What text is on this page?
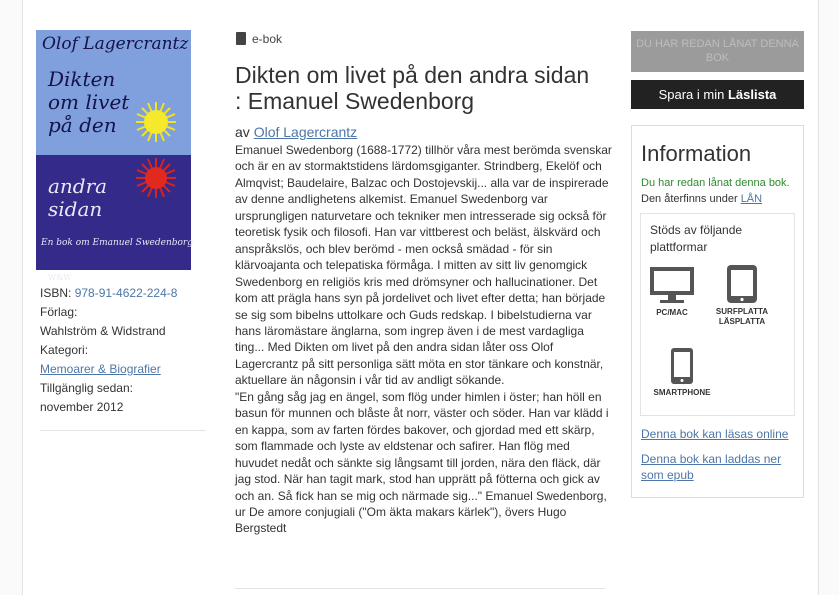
Olof Lagercrantz
Dikten
om livet
på den
andra
sidan
En bok om Emanuel Swedenborg
W&W
ISBN: 978-91-4622-224-8
Förlag:
Wahlström & Widstrand
Kategori:
Memoarer & Biografier
Tillgänglig sedan:
november 2012
e-bok
Dikten om livet på den andra sidan : Emanuel Swedenborg
av Olof Lagercrantz

Emanuel Swedenborg (1688-1772) tillhör våra mest berömda svenskar och är en av stormaktstidens lärdomsgiganter. Strindberg, Ekelöf och Almqvist; Baudelaire, Balzac och Dostojevskij... alla var de inspirerade av denne andlighetens alkemist. Emanuel Swedenborg var ursprungligen naturvetare och tekniker men intresserade sig också för teoretisk fysik och filosofi. Han var vittberest och beläst, älskvärd och anspråkslös, och blev berömd - men också smädad - för sin klärvoajanta och telepatiska förmåga. I mitten av sitt liv genomgick Swedenborg en religiös kris med drömsyner och hallucinationer. Det kom att prägla hans syn på jordelivet och livet efter detta; han började se sig som bibelns uttolkare och Guds redskap. I bibelstudierna var hans läromästare änglarna, som ingrep även i de mest vardagliga ting... Med Dikten om livet på den andra sidan låter oss Olof Lagercrantz på sitt personliga sätt möta en stor tänkare och konstnär, aktuellare än någonsin i vår tid av andligt sökande.

"En gång såg jag en ängel, som flög under himlen i öster; han höll en basun för munnen och blåste åt norr, väster och söder. Han var klädd i en kappa, som av farten fördes bakover, och gjordad med ett skärp, som flammade och lyste av eldstenar och safirer. Han flög med huvudet nedåt och sänkte sig långsamt till jorden, nära den fläck, där jag stod. När han tagit mark, stod han upprätt på fötterna och gick av och an. Så fick han se mig och närmade sig..." Emanuel Swedenborg, ur De amore conjugiali ("Om äkta makars kärlek"), övers Hugo Bergstedt

DU HAR REDAN LÅNAT DENNA BOK
Spara i min Läslista
Information
Du har redan lånat denna bok. Den återfinns under LÅN
Stöds av följande plattformar
PC/MAC	SURFPLATTA
LÄSPLATTA
SMARTPHONE
Denna bok kan läsas online
Denna bok kan laddas ner som epub
